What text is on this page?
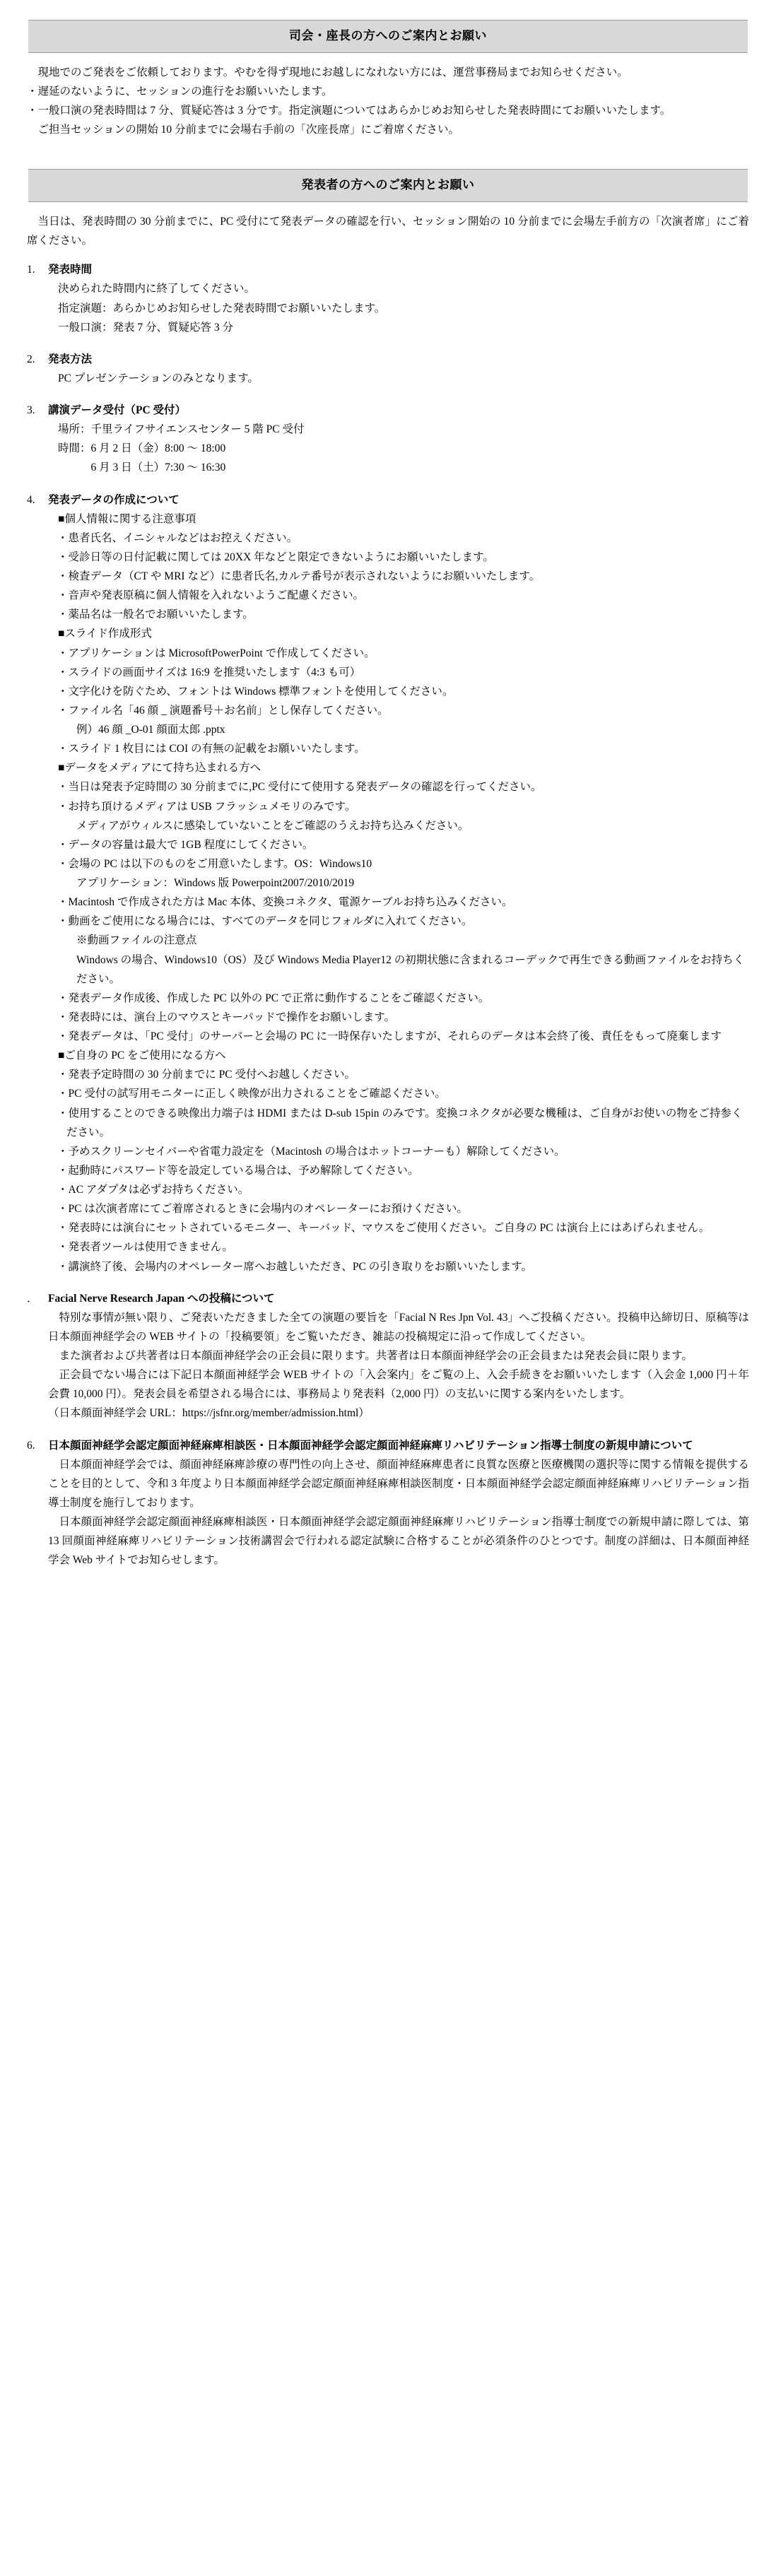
司会・座長の方へのご案内とお願い

現地でのご発表をご依頼しております。やむを得ず現地にお越しになれない方には、運営事務局までお知らせください。

・遅延のないように、セッションの進行をお願いいたします。

・一般口演の発表時間は 7 分、質疑応答は 3 分です。指定演題についてはあらかじめお知らせした発表時間にてお願いいたします。

ご担当セッションの開始 10 分前までに会場右手前の「次座長席」にご着席ください。

発表者の方へのご案内とお願い

当日は、発表時間の 30 分前までに、PC 受付にて発表データの確認を行い、セッション開始の 10 分前までに会場左手前方の「次演者席」にご着席ください。

1.	発表時間
決められた時間内に終了してください。
指定演題：あらかじめお知らせした発表時間でお願いいたします。
一般口演：発表 7 分、質疑応答 3 分
2.	発表方法
PC プレゼンテーションのみとなります。
3.	講演データ受付（PC 受付）
場所：千里ライフサイエンスセンター 5 階 PC 受付
時間：6 月 2 日（金）8:00 〜 18:00
　　　6 月 3 日（土）7:30 〜 16:30
4.	発表データの作成について
■個人情報に関する注意事項
・ 患者氏名、イニシャルなどはお控えください。
・ 受診日等の日付記載に関しては 20XX 年などと限定できないようにお願いいたします。
・ 検査データ（CT や MRI など）に患者氏名,カルテ番号が表示されないようにお願いいたします。
・ 音声や発表原稿に個人情報を入れないようご配慮ください。
・ 薬品名は一般名でお願いいたします。
■スライド作成形式
・ アプリケーションは MicrosoftPowerPoint で作成してください。
・ スライドの画面サイズは 16:9 を推奨いたします（4:3 も可）
・ 文字化けを防ぐため、フォントは Windows 標準フォントを使用してください。
・ ファイル名「46 顔 _ 演題番号＋お名前」とし保存してください。
例）46 顔 _O-01 顔面太郎 .pptx
・ スライド 1 枚目には COI の有無の記載をお願いいたします。
■データをメディアにて持ち込まれる方へ
・ 当日は発表予定時間の 30 分前までに,PC 受付にて使用する発表データの確認を行ってください。
・ お持ち頂けるメディアは USB フラッシュメモリのみです。
メディアがウィルスに感染していないことをご確認のうえお持ち込みください。
・ データの容量は最大で 1GB 程度にしてください。
・ 会場の PC は以下のものをご用意いたします。OS：Windows10
アプリケーション：Windows 版 Powerpoint2007/2010/2019
・ Macintosh で作成された方は Mac 本体、変換コネクタ、電源ケーブルお持ち込みください。
・ 動画をご使用になる場合には、すべてのデータを同じフォルダに入れてください。
※動画ファイルの注意点
Windows の場合、Windows10（OS）及び Windows Media Player12 の初期状態に含まれるコーデックで再生できる動画ファイルをお持ちください。
・ 発表データ作成後、作成した PC 以外の PC で正常に動作することをご確認ください。
・ 発表時には、演台上のマウスとキーパッドで操作をお願いします。
・ 発表データは、「PC 受付」のサーバーと会場の PC に一時保存いたしますが、それらのデータは本会終了後、責任をもって廃棄します
■ご自身の PC をご使用になる方へ
・ 発表予定時間の 30 分前までに PC 受付へお越しください。
・ PC 受付の試写用モニターに正しく映像が出力されることをご確認ください。
・ 使用することのできる映像出力端子は HDMI または D-sub 15pin のみです。変換コネクタが必要な機種は、ご自身がお使いの物をご持参ください。
・ 予めスクリーンセイバーや省電力設定を（Macintosh の場合はホットコーナーも）解除してください。
・ 起動時にパスワード等を設定している場合は、予め解除してください。
・ AC アダプタは必ずお持ちください。
・ PC は次演者席にてご着席されるときに会場内のオペレーターにお預けください。
・ 発表時には演台にセットされているモニター、キーバッド、マウスをご使用ください。ご自身の PC は演台上にはあげられません。
・ 発表者ツールは使用できません。
・ 講演終了後、会場内のオペレーター席へお越しいただき、PC の引き取りをお願いいたします。
． Facial Nerve Research Japan への投稿について
特別な事情が無い限り、ご発表いただきました全ての演題の要旨を「Facial N Res Jpn Vol. 43」へご投稿ください。投稿申込締切日、原稿等は日本顔面神経学会の WEB サイトの「投稿要領」をご覧いただき、雑誌の投稿規定に沿って作成してください。
また演者および共著者は日本顔面神経学会の正会員に限ります。共著者は日本顔面神経学会の正会員または発表会員に限ります。
正会員でない場合には下記日本顔面神経学会 WEB サイトの「入会案内」をご覧の上、入会手続きをお願いいたします（入会金 1,000 円＋年会費 10,000 円）。発表会員を希望される場合には、事務局より発表料（2,000 円）の支払いに関する案内をいたします。
（日本顔面神経学会 URL：https://jsfnr.org/member/admission.html）
6.	日本顔面神経学会認定顔面神経麻痺相談医・日本顔面神経学会認定顔面神経麻痺リハビリテーション指導士制度の新規申請について
日本顔面神経学会では、顔面神経麻痺診療の専門性の向上させ、顔面神経麻痺患者に良質な医療と医療機関の選択等に関する情報を提供することを目的として、令和 3 年度より日本顔面神経学会認定顔面神経麻痺相談医制度・日本顔面神経学会認定顔面神経麻痺リハビリテーション指導士制度を施行しております。
日本顔面神経学会認定顔面神経麻痺相談医・日本顔面神経学会認定顔面神経麻痺リハビリテーション指導士制度での新規申請に際しては、第 13 回顔面神経麻痺リハビリテーション技術講習会で行われる認定試験に合格することが必須条件のひとつです。制度の詳細は、日本顔面神経学会 Web サイトでお知らせします。
